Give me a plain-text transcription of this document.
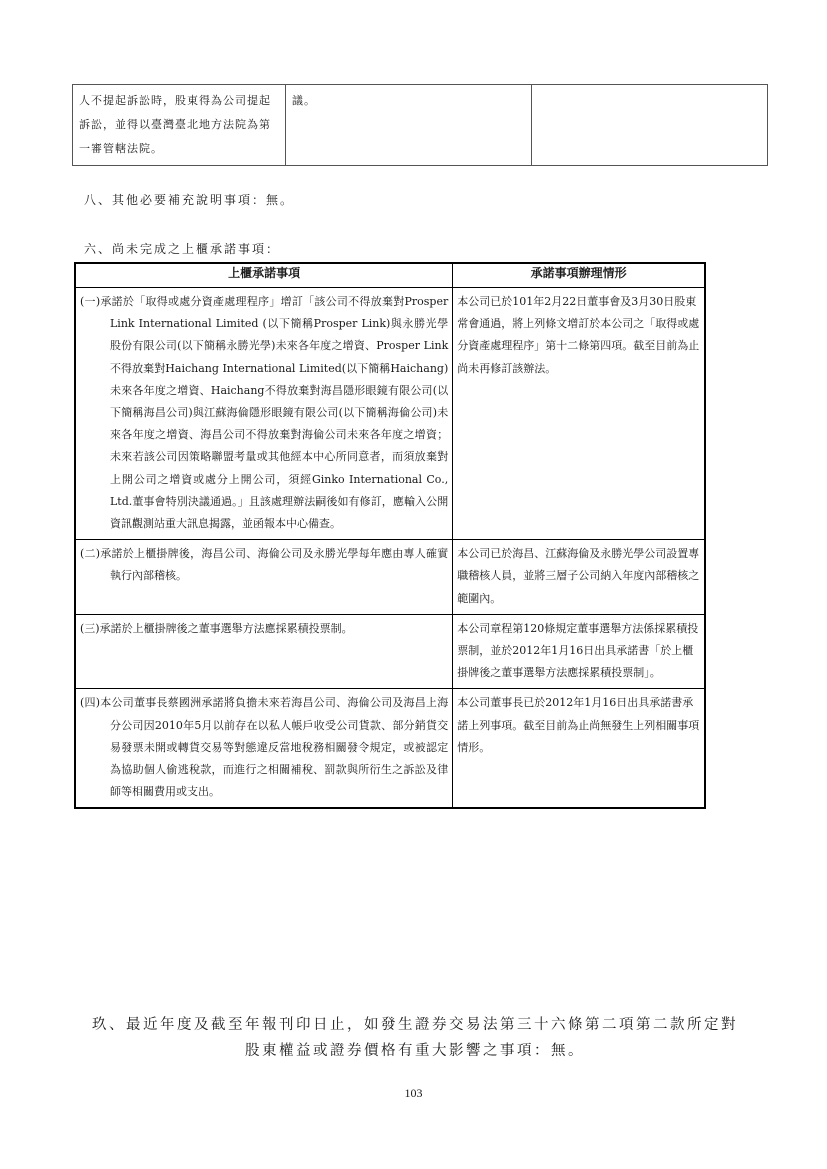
人不提起訴訟時，股東得為公司提起訴訟，並得以臺灣臺北地方法院為第一審管轄法院。	議。	
八、其他必要補充說明事項：無。
六、尚未完成之上櫃承諾事項：
上櫃承諾事項	承諾事項辦理情形

(一)承諾於「取得或處分資產處理程序」增訂「該公司不得放棄對Prosper Link International Limited (以下簡稱Prosper Link)與永勝光學股份有限公司(以下簡稱永勝光學)未來各年度之增資、Prosper Link不得放棄對Haichang International Limited(以下簡稱Haichang)未來各年度之增資、Haichang不得放棄對海昌隱形眼鏡有限公司(以下簡稱海昌公司)與江蘇海倫隱形眼鏡有限公司(以下簡稱海倫公司)未來各年度之增資、海昌公司不得放棄對海倫公司未來各年度之增資；未來若該公司因策略聯盟考量或其他經本中心所同意者，而須放棄對上開公司之增資或處分上開公司，須經Ginko International Co., Ltd.董事會特別決議通過。」且該處理辦法嗣後如有修訂，應輸入公開資訊觀測站重大訊息揭露，並函報本中心備查。	本公司已於101年2月22日董事會及3月30日股東常會通過，將上列條文增訂於本公司之「取得或處分資產處理程序」第十二條第四項。截至目前為止尚未再修訂該辦法。

(二)承諾於上櫃掛牌後，海昌公司、海倫公司及永勝光學每年應由專人確實執行內部稽核。	本公司已於海昌、江蘇海倫及永勝光學公司設置專職稽核人員，並將三層子公司納入年度內部稽核之範圍內。

(三)承諾於上櫃掛牌後之董事選舉方法應採累積投票制。	本公司章程第120條規定董事選舉方法係採累積投票制，並於2012年1月16日出具承諾書「於上櫃掛牌後之董事選舉方法應採累積投票制」。

(四)本公司董事長蔡國洲承諾將負擔未來若海昌公司、海倫公司及海昌上海分公司因2010年5月以前存在以私人帳戶收受公司貨款、部分銷貨交易發票未開或轉貨交易等對態違反當地稅務相關發令規定，或被認定為協助個人偷逃稅款，而進行之相關補稅、罰款與所衍生之訴訟及律師等相關費用或支出。	本公司董事長已於2012年1月16日出具承諾書承諾上列事項。截至目前為止尚無發生上列相關事項情形。
玖、最近年度及截至年報刊印日止，如發生證券交易法第三十六條第二項第二款所定對股東權益或證券價格有重大影響之事項：無。
103
